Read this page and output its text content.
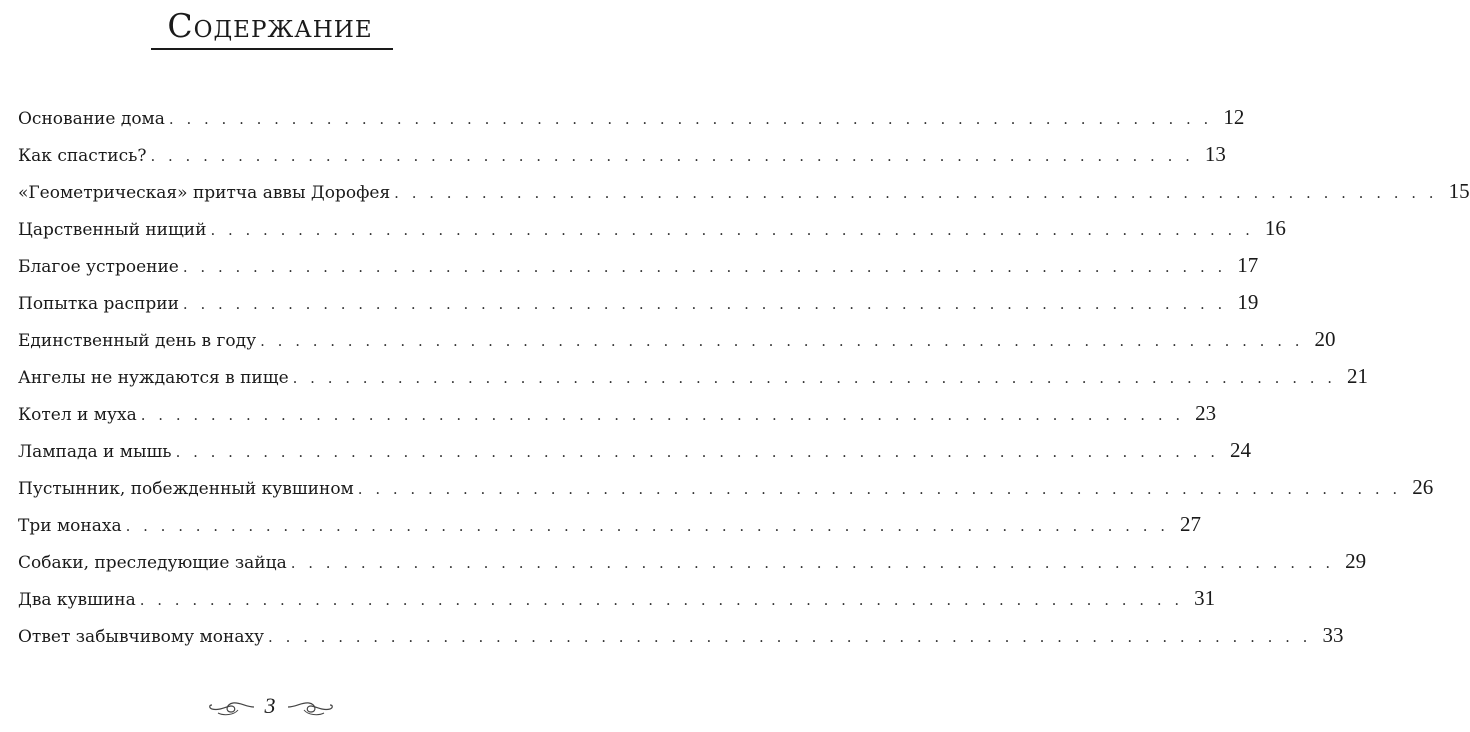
Содержание
Основание дома . . . . . . . . . . . . . . . . . . . . . . . . . . . . . . . . . . . . . . . . . . . . . . . . . . . . . . . . . . . . 12
Как спастись? . . . . . . . . . . . . . . . . . . . . . . . . . . . . . . . . . . . . . . . . . . . . . . . . . . . . . . . . . . . . 13
«Геометрическая» притча аввы Дорофея . . . . . . . . . . . . . . . . . . . . . . . . . . . . . . . . . . . . . . . . . . . . . . . . . . . . . . . . . . . . 15
Царственный нищий . . . . . . . . . . . . . . . . . . . . . . . . . . . . . . . . . . . . . . . . . . . . . . . . . . . . . . . . . . . . 16
Благое устроение . . . . . . . . . . . . . . . . . . . . . . . . . . . . . . . . . . . . . . . . . . . . . . . . . . . . . . . . . . . . 17
Попытка расприи . . . . . . . . . . . . . . . . . . . . . . . . . . . . . . . . . . . . . . . . . . . . . . . . . . . . . . . . . . . . 19
Единственный день в году . . . . . . . . . . . . . . . . . . . . . . . . . . . . . . . . . . . . . . . . . . . . . . . . . . . . . . . . . . . . 20
Ангелы не нуждаются в пище . . . . . . . . . . . . . . . . . . . . . . . . . . . . . . . . . . . . . . . . . . . . . . . . . . . . . . . . . . . . 21
Котел и муха . . . . . . . . . . . . . . . . . . . . . . . . . . . . . . . . . . . . . . . . . . . . . . . . . . . . . . . . . . . . 23
Лампада и мышь . . . . . . . . . . . . . . . . . . . . . . . . . . . . . . . . . . . . . . . . . . . . . . . . . . . . . . . . . . . . 24
Пустынник, побежденный кувшином . . . . . . . . . . . . . . . . . . . . . . . . . . . . . . . . . . . . . . . . . . . . . . . . . . . . . . . . . . . . 26
Три монаха . . . . . . . . . . . . . . . . . . . . . . . . . . . . . . . . . . . . . . . . . . . . . . . . . . . . . . . . . . . . 27
Собаки, преследующие зайца . . . . . . . . . . . . . . . . . . . . . . . . . . . . . . . . . . . . . . . . . . . . . . . . . . . . . . . . . . . . 29
Два кувшина . . . . . . . . . . . . . . . . . . . . . . . . . . . . . . . . . . . . . . . . . . . . . . . . . . . . . . . . . . . . 31
Ответ забывчивому монаху . . . . . . . . . . . . . . . . . . . . . . . . . . . . . . . . . . . . . . . . . . . . . . . . . . . . . . . . . . . . 33
3
